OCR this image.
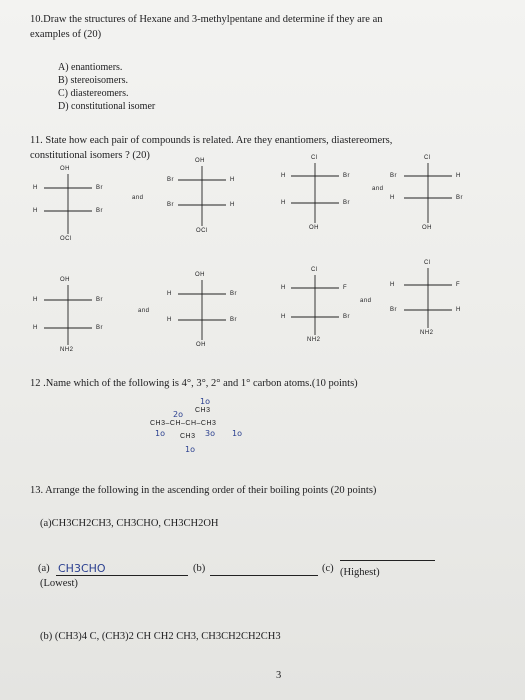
10.Draw the structures of Hexane and 3-methylpentane and determine if they are an
examples of (20)
A) enantiomers.
B) stereoisomers.
C) diastereomers.
D) constitutional isomer
11. State how each pair of compounds is related. Are they enantiomers, diastereomers,
constitutional isomers ? (20)
OH
H	Br
H	Br
OCl
and
OH
Br	H
Br	H
OCl
Cl
H	Br
H	Br
OH
and
Cl
Br	H
H	Br
OH
OH
H	Br
H	Br
NH2
and
OH
H	Br
H	Br
OH
Cl
H	F
H	Br
NH2
and
Cl
H	F
Br	H
NH2
12 .Name which of the following is 4°, 3°, 2° and 1° carbon atoms.(10 points)
CH3
CH3–CH–CH–CH3
CH3
1o
2o
1o	3o 1o
1o
13. Arrange the following in the ascending order of their boiling points (20 points)
(a)CH3CH2CH3, CH3CHO, CH3CH2OH
(a) CH3CHO	(b)	(c)
(Lowest)
(Highest)
(b) (CH3)4 C, (CH3)2 CH CH2 CH3, CH3CH2CH2CH3
3
